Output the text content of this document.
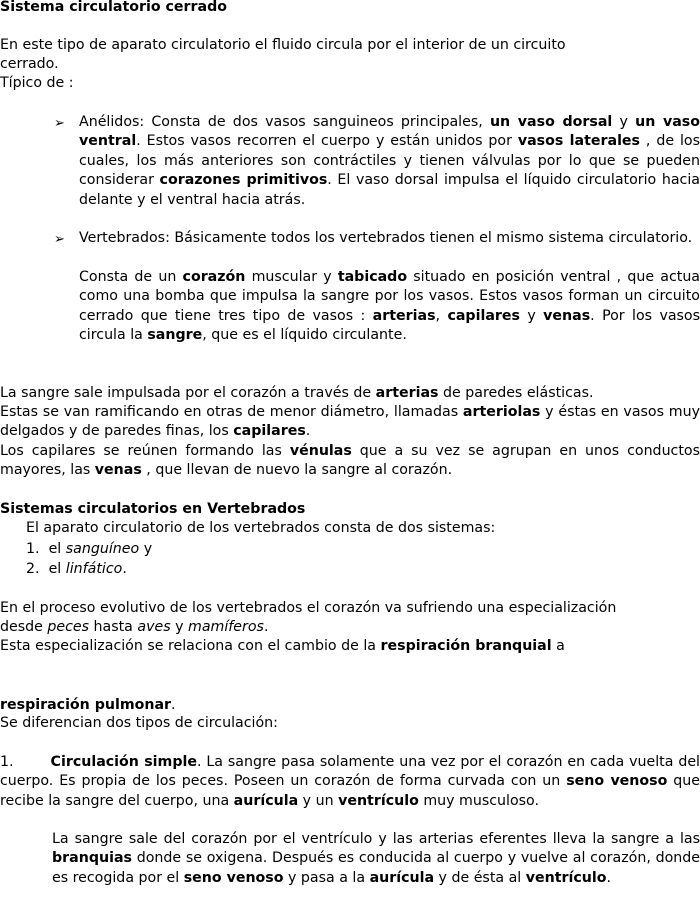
Sistema circulatorio cerrado

En este tipo de aparato circulatorio el fluido circula por el interior de un circuito

cerrado.

Típico de :

➢ Anélidos: Consta de dos vasos sanguineos principales, un vaso dorsal y un vaso ventral. Estos vasos recorren el cuerpo y están unidos por vasos laterales , de los cuales, los más anteriores son contráctiles y tienen válvulas por lo que se pueden considerar corazones primitivos. El vaso dorsal impulsa el líquido circulatorio hacia delante y el ventral hacia atrás.

➢ Vertebrados: Básicamente todos los vertebrados tienen el mismo sistema circulatorio.

Consta de un corazón muscular y tabicado situado en posición ventral , que actua como una bomba que impulsa la sangre por los vasos. Estos vasos forman un circuito cerrado que tiene tres tipo de vasos : arterias, capilares y venas. Por los vasos circula la sangre, que es el líquido circulante.

La sangre sale impulsada por el corazón a través de arterias de paredes elásticas.

Estas se van ramificando en otras de menor diámetro, llamadas arteriolas y éstas en vasos muy delgados y de paredes finas, los capilares.

Los capilares se reúnen formando las vénulas que a su vez se agrupan en unos conductos mayores, las venas , que llevan de nuevo la sangre al corazón.

Sistemas circulatorios en Vertebrados

El aparato circulatorio de los vertebrados consta de dos sistemas:

1. el sanguíneo y

2. el linfático.

En el proceso evolutivo de los vertebrados el corazón va sufriendo una especialización

desde peces hasta aves y mamíferos.

Esta especialización se relaciona con el cambio de la respiración branquial a

respiración pulmonar.

Se diferencian dos tipos de circulación:

1.	Circulación simple. La sangre pasa solamente una vez por el corazón en cada vuelta del cuerpo. Es propia de los peces. Poseen un corazón de forma curvada con un seno venoso que recibe la sangre del cuerpo, una aurícula y un ventrículo muy musculoso.

La sangre sale del corazón por el ventrículo y las arterias eferentes lleva la sangre a las branquias donde se oxigena. Después es conducida al cuerpo y vuelve al corazón, donde es recogida por el seno venoso y pasa a la aurícula y de ésta al ventrículo.
